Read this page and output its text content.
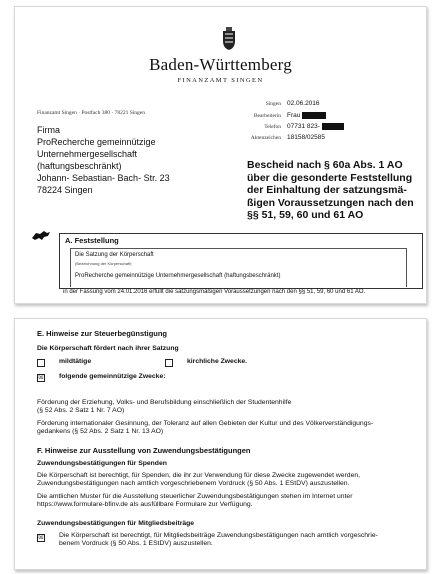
Baden-Württemberg
FINANZAMT SINGEN
Finanzamt Singen · Postfach 380 · 78221 Singen
Singen 02.06.2016
Bearbeiterin Frau
Telefon 07731 823-
Aktenzeichen 18158/02585
Firma
ProRecherche gemeinnützige
Unternehmergesellschaft
(haftungsbeschränkt)
Johann- Sebastian- Bach- Str. 23
78224 Singen
Bescheid nach § 60a Abs. 1 AO über die gesonderte Feststellung der Einhaltung der satzungsmä-ßigen Voraussetzungen nach den §§ 51, 59, 60 und 61 AO
A. Feststellung
Die Satzung der Körperschaft
(Bezeichnung der Körperschaft)
ProRecherche gemeinnützige Unternehmergesellschaft (haftungsbeschränkt)
in der Fassung vom 24.01.2016 erfüllt die satzungsmäßigen Voraussetzungen nach den §§ 51, 59, 60 und 61 AO.
E. Hinweise zur Steuerbegünstigung
Die Körperschaft fördert nach ihrer Satzung
mildtätige	kirchliche Zwecke.
☒ folgende gemeinnützige Zwecke:
Förderung der Erziehung, Volks- und Berufsbildung einschließlich der Studentenhilfe
(§ 52 Abs. 2 Satz 1 Nr. 7 AO)
Förderung internationaler Gesinnung, der Toleranz auf allen Gebieten der Kultur und des Völkerverständigungs-
gedankens (§ 52 Abs. 2 Satz 1 Nr. 13 AO)
F. Hinweise zur Ausstellung von Zuwendungsbestätigungen
Zuwendungsbestätigungen für Spenden
Die Körperschaft ist berechtigt, für Spenden, die ihr zur Verwendung für diese Zwecke zugewendet werden,
Zuwendungsbestätigungen nach amtlich vorgeschriebenem Vordruck (§ 50 Abs. 1 EStDV) auszustellen.
Die amtlichen Muster für die Ausstellung steuerlicher Zuwendungsbestätigungen stehen im Internet unter
https://www.formulare-bfinv.de als ausfüllbare Formulare zur Verfügung.
Zuwendungsbestätigungen für Mitgliedsbeiträge
☒ Die Körperschaft ist berechtigt, für Mitgliedsbeiträge Zuwendungsbestätigungen nach amtlich vorgeschrie-
benem Vordruck (§ 50 Abs. 1 EStDV) auszustellen.
